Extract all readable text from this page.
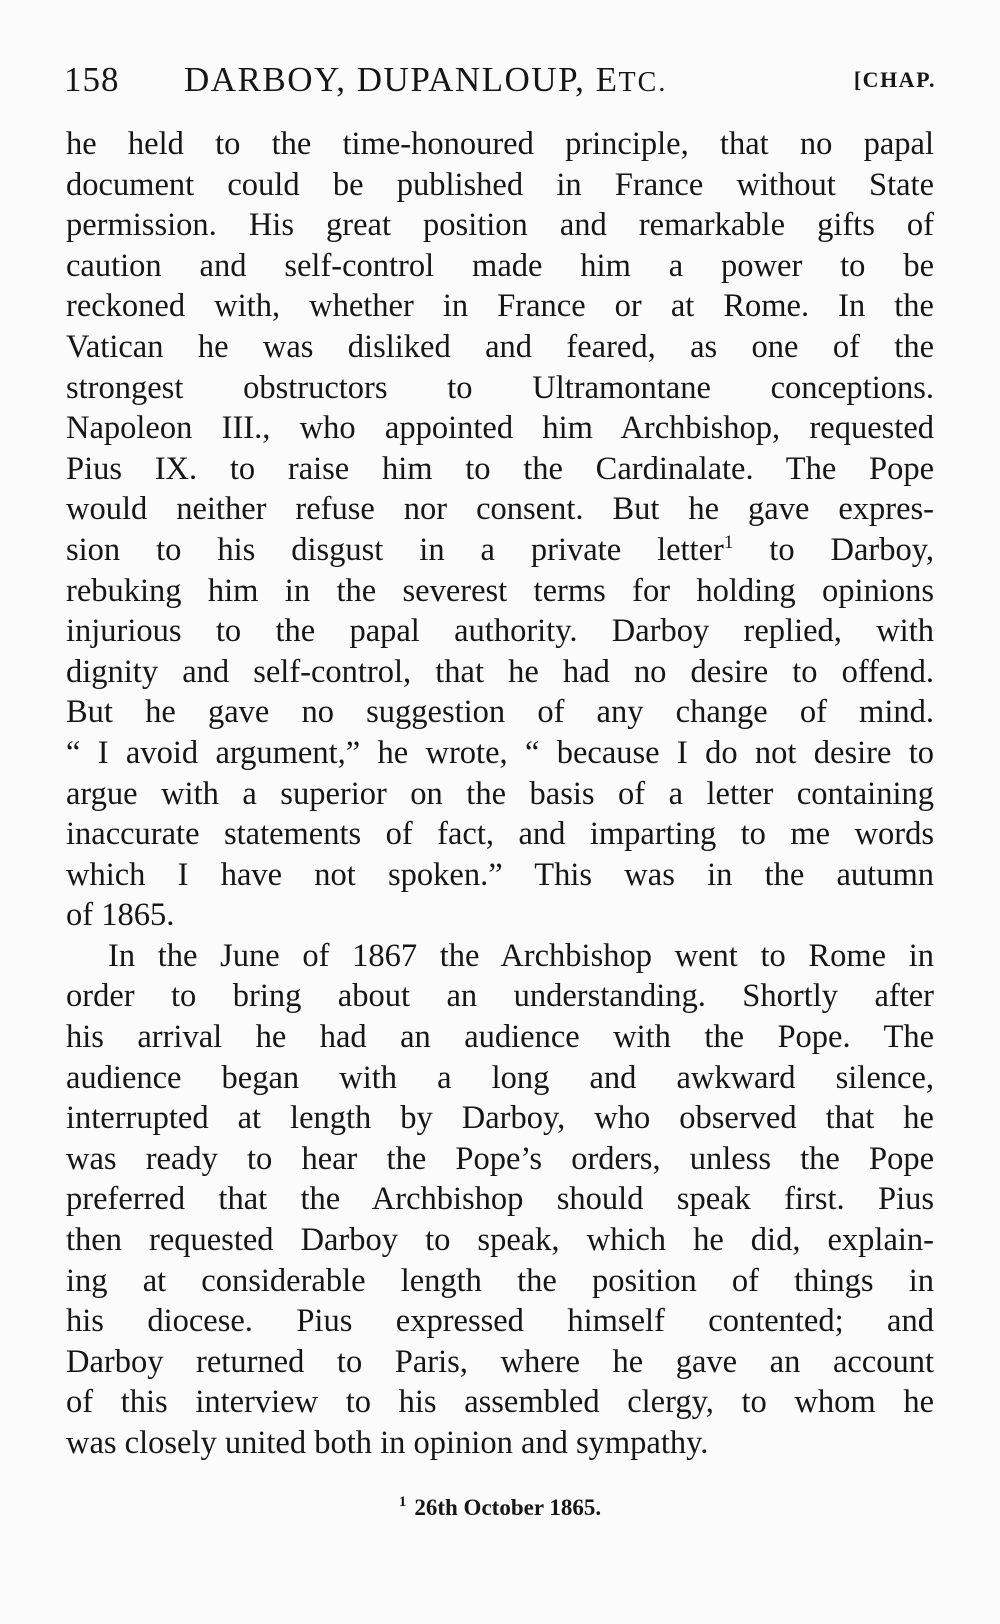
158 DARBOY, DUPANLOUP, ETC.	[CHAP.
he held to the time-honoured principle, that no papal
document could be published in France without State
permission. His great position and remarkable gifts of
caution and self-control made him a power to be
reckoned with, whether in France or at Rome. In the
Vatican he was disliked and feared, as one of the
strongest obstructors to Ultramontane conceptions.
Napoleon III., who appointed him Archbishop, requested
Pius IX. to raise him to the Cardinalate. The Pope
would neither refuse nor consent. But he gave expres-
sion to his disgust in a private letter$^1$ to Darboy,
rebuking him in the severest terms for holding opinions
injurious to the papal authority. Darboy replied, with
dignity and self-control, that he had no desire to offend.
But he gave no suggestion of any change of mind.
“ I avoid argument,” he wrote, “ because I do not desire to
argue with a superior on the basis of a letter containing
inaccurate statements of fact, and imparting to me words
which I have not spoken.” This was in the autumn
of 1865.
In the June of 1867 the Archbishop went to Rome in
order to bring about an understanding. Shortly after
his arrival he had an audience with the Pope. The
audience began with a long and awkward silence,
interrupted at length by Darboy, who observed that he
was ready to hear the Pope’s orders, unless the Pope
preferred that the Archbishop should speak first. Pius
then requested Darboy to speak, which he did, explain-
ing at considerable length the position of things in
his diocese. Pius expressed himself contented; and
Darboy returned to Paris, where he gave an account
of this interview to his assembled clergy, to whom he
was closely united both in opinion and sympathy.
$^1$ 26th October 1865.
